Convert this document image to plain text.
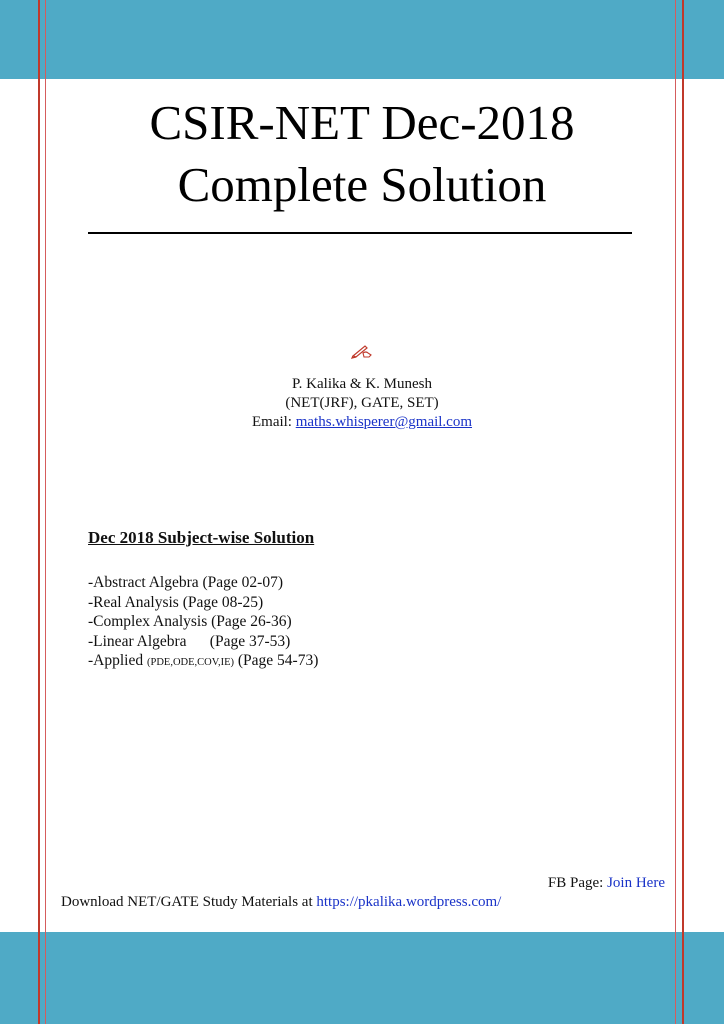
CSIR-NET Dec-2018
Complete Solution
P. Kalika & K. Munesh
(NET(JRF), GATE, SET)
Email: maths.whisperer@gmail.com
Dec 2018 Subject-wise Solution
-Abstract Algebra (Page 02-07)
-Real Analysis (Page 08-25)
-Complex Analysis (Page 26-36)
-Linear Algebra      (Page 37-53)
-Applied (PDE,ODE,COV,IE) (Page 54-73)
FB Page: Join Here
Download NET/GATE Study Materials at https://pkalika.wordpress.com/
